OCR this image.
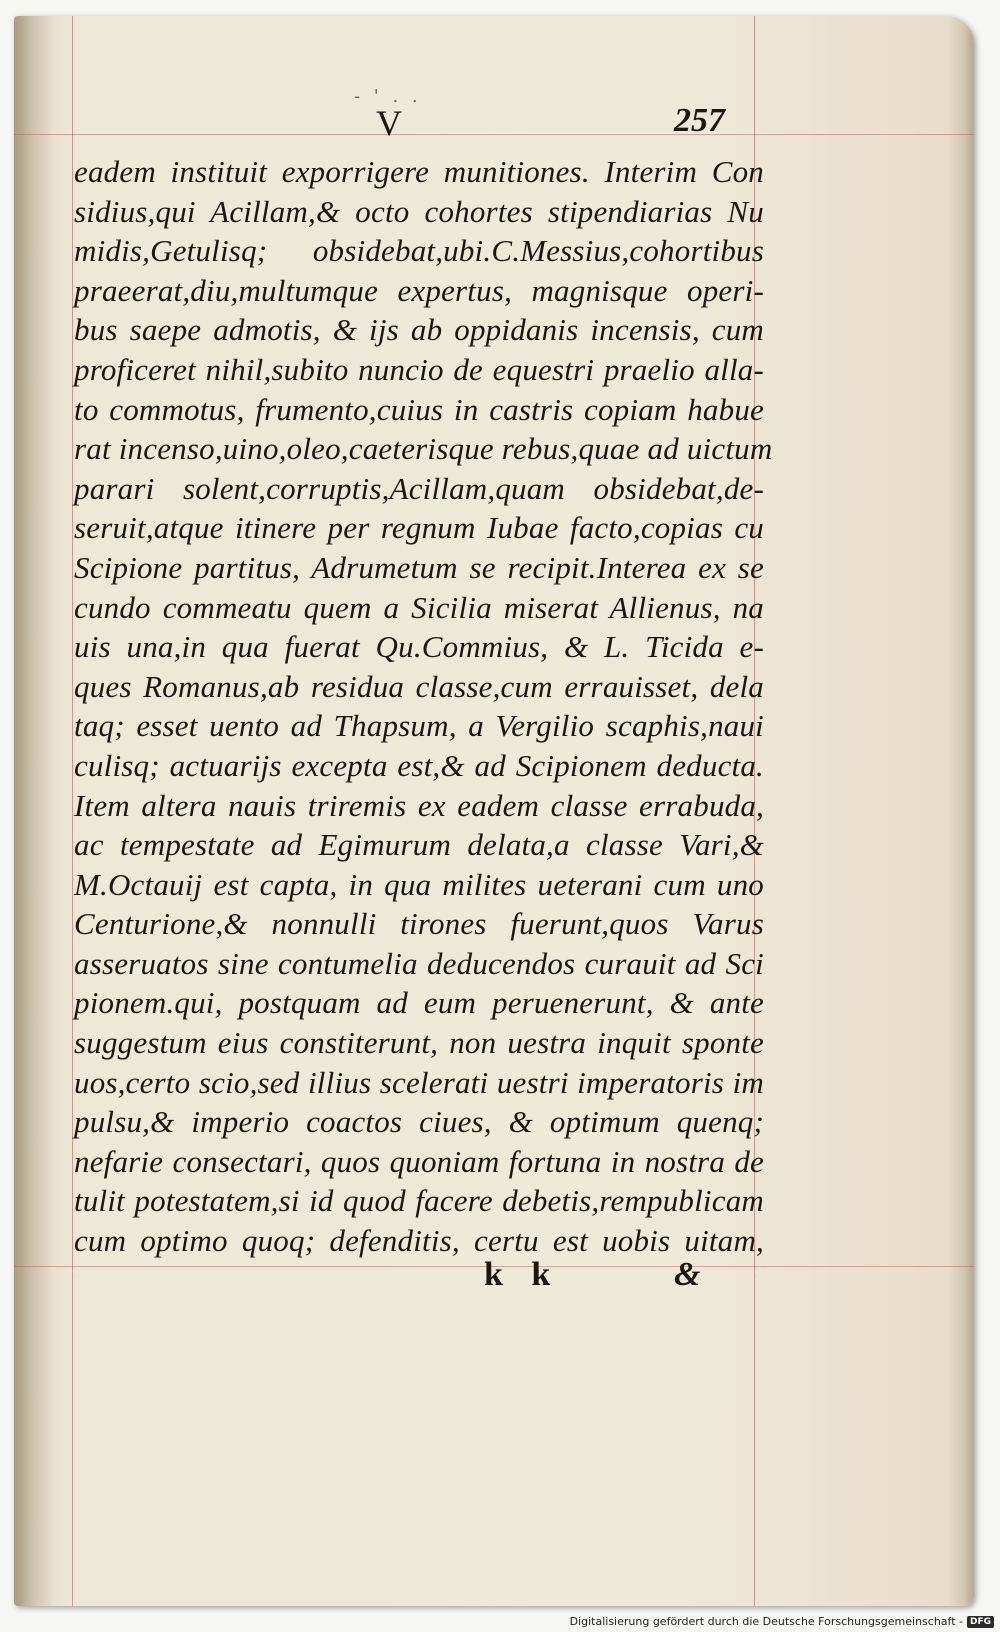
- ' . .
V	257
eadem instituit exporrigere munitiones. Interim Con
sidius,qui Acillam,& octo cohortes stipendiarias Nu
midis,Getulisq; obsidebat,ubi.C.Messius,cohortibus
praeerat,diu,multumque expertus, magnisque operi-
bus saepe admotis, & ijs ab oppidanis incensis, cum
proficeret nihil,subito nuncio de equestri praelio alla-
to commotus, frumento,cuius in castris copiam habue
rat incenso,uino,oleo,caeterisque rebus,quae ad uictum
parari solent,corruptis,Acillam,quam obsidebat,de-
seruit,atque itinere per regnum Iubae facto,copias cu
Scipione partitus, Adrumetum se recipit.Interea ex se
cundo commeatu quem a Sicilia miserat Allienus, na
uis una,in qua fuerat Qu.Commius, & L. Ticida e-
ques Romanus,ab residua classe,cum errauisset, dela
taq; esset uento ad Thapsum, a Vergilio scaphis,naui
culisq; actuarijs excepta est,& ad Scipionem deducta.
Item altera nauis triremis ex eadem classe errabuda,
ac tempestate ad Egimurum delata,a classe Vari,&
M.Octauij est capta, in qua milites ueterani cum uno
Centurione,& nonnulli tirones fuerunt,quos Varus
asseruatos sine contumelia deducendos curauit ad Sci
pionem.qui, postquam ad eum peruenerunt, & ante
suggestum eius constiterunt, non uestra inquit sponte
uos,certo scio,sed illius scelerati uestri imperatoris im
pulsu,& imperio coactos ciues, & optimum quenq;
nefarie consectari, quos quoniam fortuna in nostra de
tulit potestatem,si id quod facere debetis,rempublicam
cum optimo quoq; defenditis, certu est uobis uitam,
k k	&
Digitalisierung gefördert durch die Deutsche Forschungsgemeinschaft - DFG
